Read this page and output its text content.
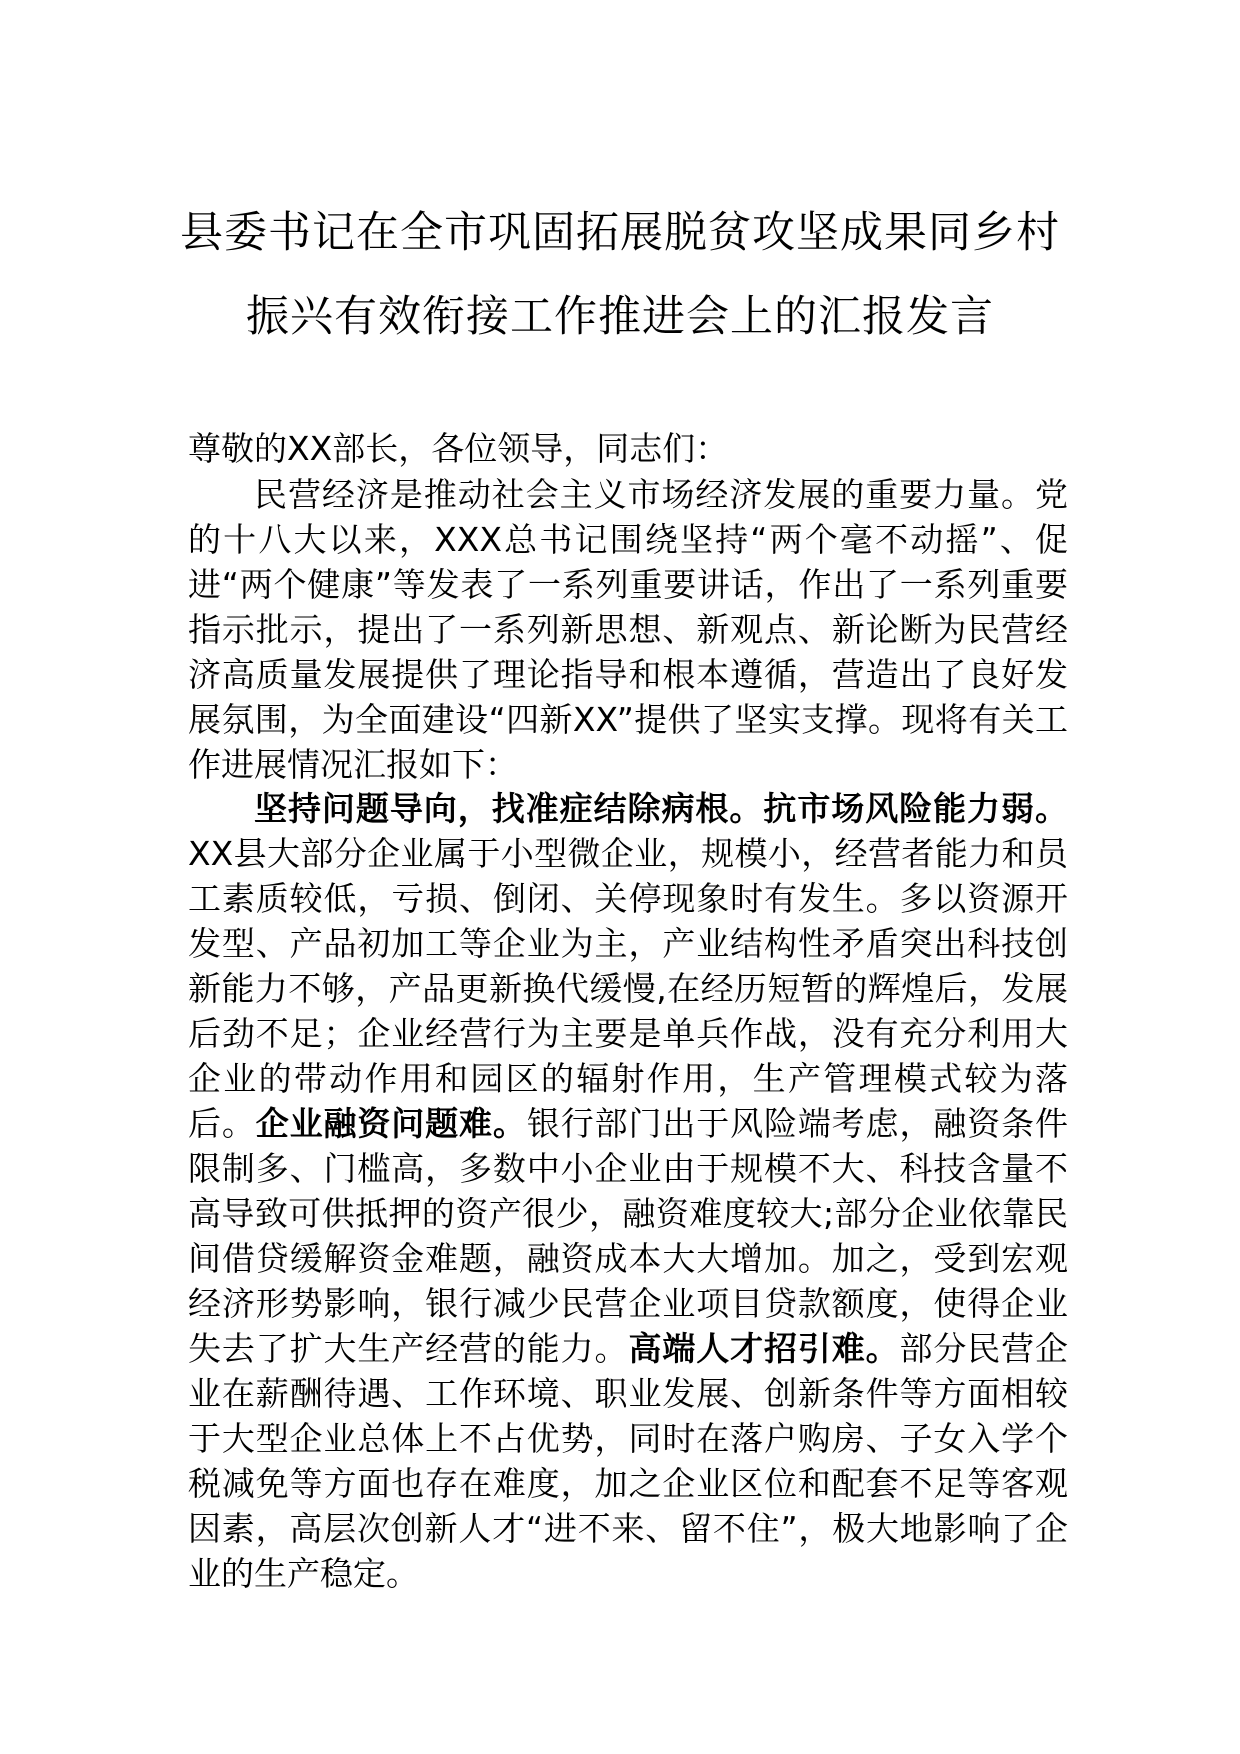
县委书记在全市巩固拓展脱贫攻坚成果同乡村振兴有效衔接工作推进会上的汇报发言

尊敬的XX部长，各位领导，同志们：

民营经济是推动社会主义市场经济发展的重要力量。党的十八大以来，XXX总书记围绕坚持“两个毫不动摇”、促进“两个健康”等发表了一系列重要讲话，作出了一系列重要指示批示，提出了一系列新思想、新观点、新论断为民营经济高质量发展提供了理论指导和根本遵循，营造出了良好发展氛围，为全面建设“四新XX”提供了坚实支撑。现将有关工作进展情况汇报如下：

坚持问题导向，找准症结除病根。抗市场风险能力弱。XX县大部分企业属于小型微企业，规模小，经营者能力和员工素质较低，亏损、倒闭、关停现象时有发生。多以资源开发型、产品初加工等企业为主，产业结构性矛盾突出科技创新能力不够，产品更新换代缓慢,在经历短暂的辉煌后，发展后劲不足；企业经营行为主要是单兵作战，没有充分利用大企业的带动作用和园区的辐射作用，生产管理模式较为落后。企业融资问题难。银行部门出于风险端考虑，融资条件限制多、门槛高，多数中小企业由于规模不大、科技含量不高导致可供抵押的资产很少，融资难度较大;部分企业依靠民间借贷缓解资金难题，融资成本大大增加。加之，受到宏观经济形势影响，银行减少民营企业项目贷款额度，使得企业失去了扩大生产经营的能力。高端人才招引难。部分民营企业在薪酬待遇、工作环境、职业发展、创新条件等方面相较于大型企业总体上不占优势，同时在落户购房、子女入学个税减免等方面也存在难度，加之企业区位和配套不足等客观因素，高层次创新人才“进不来、留不住”，极大地影响了企业的生产稳定。
